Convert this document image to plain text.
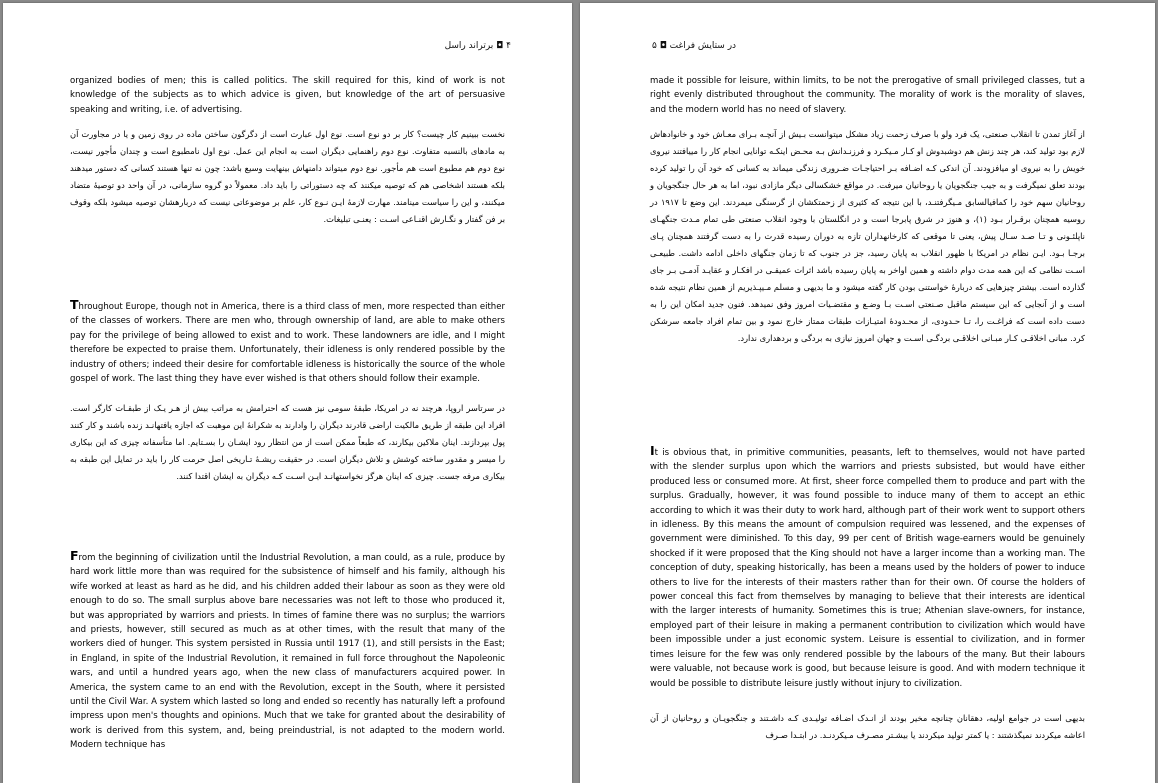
۴ ◘ برتراند راسل
organized bodies of men; this is called politics. The skill required for this, kind of work is not knowledge of the subjects as to which advice is given, but knowledge of the art of persuasive speaking and writing, i.e. of advertising.
نخست ببینیم کار چیست؟ کار بر دو نوع است. نوع اول عبارت است از دگرگون ساختن ماده در روی زمین و یا در مجاورت آن به مادهای بالنسبه متفاوت. نوع دوم راهنمایی دیگران است به انجام این عمل. نوع اول نامطبوع است و چندان مأجور نیست، نوع دوم هم مطبوع است هم مأجور. نوع دوم میتواند دامنهاش بینهایت وسیع باشد: چون نه تنها هستند کسانی که دستور میدهند بلکه هستند اشخاصی هم که توصیه میکنند که چه دستوراتی را باید داد. معمولاً دو گروه سازمانی، در آن واحد دو توصیهٔ متضاد میکنند، و این را سیاست مینامند. مهارت لازمهٔ ایـن نـوع کار، علم بر موضوعاتی نیست که دربارهشان توصیه میشود بلکه وقوف بر فن گفتار و نگـارش اقنـاعی اسـت : یعنـی تبلیغات.
Throughout Europe, though not in America, there is a third class of men, more respected than either of the classes of workers. There are men who, through ownership of land, are able to make others pay for the privilege of being allowed to exist and to work. These landowners are idle, and I might therefore be expected to praise them. Unfortunately, their idleness is only rendered possible by the industry of others; indeed their desire for comfortable idleness is historically the source of the whole gospel of work. The last thing they have ever wished is that others should follow their example.
در سرتاسر اروپا، هرچند نه در امریکا، طبقهٔ سومی نیز هست که احترامش به مراتب بیش از هـر یـک از طبقـات کارگر است. افراد این طبقه از طریق مالکیت اراضی قادرند دیگران را وادارند به شکرانهٔ این موهبت که اجازه یافتهانـد زنده باشند و کار کنند پول بپردازند. اینان ملاکین بیکارند، که طبعاً ممکن است از من انتظار رود ایشـان را بسـتایم. اما متأسفانه چیزی که این بیکاری را میسر و مقدور ساخته کوشش و تلاش دیگران است. در حقیقت ریشـهٔ تـاریخی اصل حرمت کار را باید در تمایل این طبقه به بیکاری مرفه جست. چیزی که اینان هرگز نخواستهانـد ایـن اسـت کـه دیگران به ایشان اقتدا کنند.
From the beginning of civilization until the Industrial Revolution, a man could, as a rule, produce by hard work little more than was required for the subsistence of himself and his family, although his wife worked at least as hard as he did, and his children added their labour as soon as they were old enough to do so. The small surplus above bare necessaries was not left to those who produced it, but was appropriated by warriors and priests. In times of famine there was no surplus; the warriors and priests, however, still secured as much as at other times, with the result that many of the workers died of hunger. This system persisted in Russia until 1917 (1), and still persists in the East; in England, in spite of the Industrial Revolution, it remained in full force throughout the Napoleonic wars, and until a hundred years ago, when the new class of manufacturers acquired power. In America, the system came to an end with the Revolution, except in the South, where it persisted until the Civil War. A system which lasted so long and ended so recently has naturally left a profound impress upon men's thoughts and opinions. Much that we take for granted about the desirability of work is derived from this system, and, being preindustrial, is not adapted to the modern world. Modern technique has
در ستایش فراغت ◘ ۵
made it possible for leisure, within limits, to be not the prerogative of small privileged classes, tut a right evenly distributed throughout the community. The morality of work is the morality of slaves, and the modern world has no need of slavery.
از آغاز تمدن تا انقلاب صنعتی، یک فرد ولو با صرف زحمت زیاد مشکل میتوانست بـیش از آنچـه بـرای معـاش خود و خانوادهاش لازم بود تولید کند، هر چند زنش هم دوشبدوش او کـار مـیکـرد و فرزنـدانش بـه محـض اینکـه توانایی انجام کار را مییافتند نیروی خویش را به نیروی او میافزودند. آن اندکی کـه اضـافه بـر احتیاجـات ضـروری زندگی میماند به کسانی که خود آن را تولید کرده بودند تعلق نمیگرفت و به جیب جنگجویان یا روحانیان میرفت. در مواقع خشکسالی دیگر مازادی نبود، اما به هر حال جنگجویان و روحانیان سهم خود را کمافیالسابق مـیگرفتنـد، با این نتیجه که کثیری از زحمتکشان از گرسنگی میمردند. این وضع تا ۱۹۱۷ در روسیه همچنان برقـرار بـود (۱)، و هنوز در شرق پابرجا است و در انگلستان با وجود انقلاب صنعتی طی تمام مـدت جنگهـای ناپلئـونی و تـا صـد سـال پیش، یعنی تا موقعی که کارخانهداران تازه به دوران رسیده قدرت را به دست گرفتند همچنان پـای برجـا بـود. ایـن نظام در امریکا با ظهور انقلاب به پایان رسید، جز در جنوب که تا زمان جنگهای داخلی ادامه داشت. طبیعـی اسـت نظامی که این همه مدت دوام داشته و همین اواخر به پایان رسیده باشد اثرات عمیقـی در افکـار و عقایـد آدمـی بـر جای گذارده است. بیشتر چیزهایی که دربارهٔ خواستنی بودن کار گفته میشود و ما بدیهی و مسلم مـیپـذیریم از همین نظام نتیجه شده است و از آنجایی که این سیستم ماقبل صـنعتی اسـت بـا وضـع و مقتضـیات امروز وفق نمیدهد. فنون جدید امکان این را به دست داده است که فراغـت را، تـا حـدودی، از محـدودهٔ امتیـازات طبقات ممتاز خارج نمود و بین تمام افراد جامعه سرشکن کرد. مبانی اخلاقـی کـار مبـانی اخلاقـی بردگـی اسـت و جهان امروز نیازی به بردگی و بردهداری ندارد.
It is obvious that, in primitive communities, peasants, left to themselves, would not have parted with the slender surplus upon which the warriors and priests subsisted, but would have either produced less or consumed more. At first, sheer force compelled them to produce and part with the surplus. Gradually, however, it was found possible to induce many of them to accept an ethic according to which it was their duty to work hard, although part of their work went to support others in idleness. By this means the amount of compulsion required was lessened, and the expenses of government were diminished. To this day, 99 per cent of British wage-earners would be genuinely shocked if it were proposed that the King should not have a larger income than a working man. The conception of duty, speaking historically, has been a means used by the holders of power to induce others to live for the interests of their masters rather than for their own. Of course the holders of power conceal this fact from themselves by managing to believe that their interests are identical with the larger interests of humanity. Sometimes this is true; Athenian slave-owners, for instance, employed part of their leisure in making a permanent contribution to civilization which would have been impossible under a just economic system. Leisure is essential to civilization, and in former times leisure for the few was only rendered possible by the labours of the many. But their labours were valuable, not because work is good, but because leisure is good. And with modern technique it would be possible to distribute leisure justly without injury to civilization.
بدیهی است در جوامع اولیه، دهقانان چنانچه مخیر بودند از انـدک اضـافه تولیـدی کـه داشـتند و جنگجویـان و روحانیان از آن اعاشه میکردند نمیگذشتند : یا کمتر تولید میکردند یا بیشـتر مصـرف مـیکردنـد. در ابتـدا صـرف
